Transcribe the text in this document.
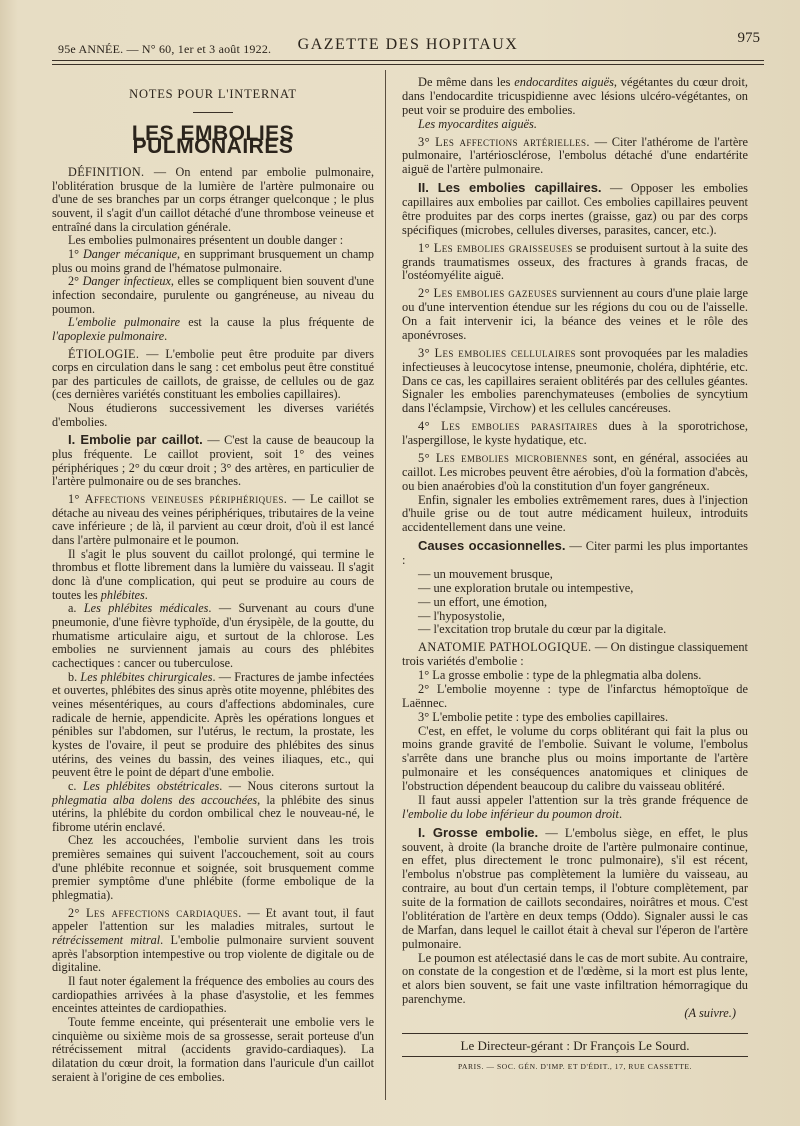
95e ANNÉE. — N° 60, 1er et 3 août 1922.	GAZETTE DES HOPITAUX	975
NOTES POUR L'INTERNAT
LES EMBOLIES PULMONAIRES

DÉFINITION. — On entend par embolie pulmonaire, l'oblitération brusque de la lumière de l'artère pulmonaire ou d'une de ses branches par un corps étranger quelconque ; le plus souvent, il s'agit d'un caillot détaché d'une thrombose veineuse et entraîné dans la circulation générale.

Les embolies pulmonaires présentent un double danger :

1° Danger mécanique, en supprimant brusquement un champ plus ou moins grand de l'hématose pulmonaire.

2° Danger infectieux, elles se compliquent bien souvent d'une infection secondaire, purulente ou gangréneuse, au niveau du poumon.

L'embolie pulmonaire est la cause la plus fréquente de l'apoplexie pulmonaire.

ÉTIOLOGIE. — L'embolie peut être produite par divers corps en circulation dans le sang : cet embolus peut être constitué par des particules de caillots, de graisse, de cellules ou de gaz (ces dernières variétés constituant les embolies capillaires).

Nous étudierons successivement les diverses variétés d'embolies.

I. Embolie par caillot. — C'est la cause de beaucoup la plus fréquente. Le caillot provient, soit 1° des veines périphériques ; 2° du cœur droit ; 3° des artères, en particulier de l'artère pulmonaire ou de ses branches.

1° Affections veineuses périphériques. — Le caillot se détache au niveau des veines périphériques, tributaires de la veine cave inférieure ; de là, il parvient au cœur droit, d'où il est lancé dans l'artère pulmonaire et le poumon.

Il s'agit le plus souvent du caillot prolongé, qui termine le thrombus et flotte librement dans la lumière du vaisseau. Il s'agit donc là d'une complication, qui peut se produire au cours de toutes les phlébites.

a. Les phlébites médicales. — Survenant au cours d'une pneumonie, d'une fièvre typhoïde, d'un érysipèle, de la goutte, du rhumatisme articulaire aigu, et surtout de la chlorose. Les embolies ne surviennent jamais au cours des phlébites cachectiques : cancer ou tuberculose.

b. Les phlébites chirurgicales. — Fractures de jambe infectées et ouvertes, phlébites des sinus après otite moyenne, phlébites des veines mésentériques, au cours d'affections abdominales, cure radicale de hernie, appendicite. Après les opérations longues et pénibles sur l'abdomen, sur l'utérus, le rectum, la prostate, les kystes de l'ovaire, il peut se produire des phlébites des sinus utérins, des veines du bassin, des veines iliaques, etc., qui peuvent être le point de départ d'une embolie.

c. Les phlébites obstétricales. — Nous citerons surtout la phlegmatia alba dolens des accouchées, la phlébite des sinus utérins, la phlébite du cordon ombilical chez le nouveau-né, le fibrome utérin enclavé.

Chez les accouchées, l'embolie survient dans les trois premières semaines qui suivent l'accouchement, soit au cours d'une phlébite reconnue et soignée, soit brusquement comme premier symptôme d'une phlébite (forme embolique de la phlegmatia).

2° Les affections cardiaques. — Et avant tout, il faut appeler l'attention sur les maladies mitrales, surtout le rétrécissement mitral. L'embolie pulmonaire survient souvent après l'absorption intempestive ou trop violente de digitale ou de digitaline.

Il faut noter également la fréquence des embolies au cours des cardiopathies arrivées à la phase d'asystolie, et les femmes enceintes atteintes de cardiopathies.

Toute femme enceinte, qui présenterait une embolie vers le cinquième ou sixième mois de sa grossesse, serait porteuse d'un rétrécissement mitral (accidents gravido-cardiaques). La dilatation du cœur droit, la formation dans l'auricule d'un caillot seraient à l'origine de ces embolies.

De même dans les endocardites aiguës, végétantes du cœur droit, dans l'endocardite tricuspidienne avec lésions ulcéro-végétantes, on peut voir se produire des embolies.

Les myocardites aiguës.

3° Les affections artérielles. — Citer l'athérome de l'artère pulmonaire, l'artériosclérose, l'embolus détaché d'une endartérite aiguë de l'artère pulmonaire.

II. Les embolies capillaires. — Opposer les embolies capillaires aux embolies par caillot. Ces embolies capillaires peuvent être produites par des corps inertes (graisse, gaz) ou par des corps spécifiques (microbes, cellules diverses, parasites, cancer, etc.).

1° Les embolies graisseuses se produisent surtout à la suite des grands traumatismes osseux, des fractures à grands fracas, de l'ostéomyélite aiguë.

2° Les embolies gazeuses surviennent au cours d'une plaie large ou d'une intervention étendue sur les régions du cou ou de l'aisselle. On a fait intervenir ici, la béance des veines et le rôle des aponévroses.

3° Les embolies cellulaires sont provoquées par les maladies infectieuses à leucocytose intense, pneumonie, choléra, diphtérie, etc. Dans ce cas, les capillaires seraient oblitérés par des cellules géantes. Signaler les embolies parenchymateuses (embolies de syncytium dans l'éclampsie, Virchow) et les cellules cancéreuses.

4° Les embolies parasitaires dues à la sporotrichose, l'aspergillose, le kyste hydatique, etc.

5° Les embolies microbiennes sont, en général, associées au caillot. Les microbes peuvent être aérobies, d'où la formation d'abcès, ou bien anaérobies d'où la constitution d'un foyer gangréneux.

Enfin, signaler les embolies extrêmement rares, dues à l'injection d'huile grise ou de tout autre médicament huileux, introduits accidentellement dans une veine.

Causes occasionnelles. — Citer parmi les plus importantes :

— un mouvement brusque,

— une exploration brutale ou intempestive,

— un effort, une émotion,

— l'hyposystolie,

— l'excitation trop brutale du cœur par la digitale.

ANATOMIE PATHOLOGIQUE. — On distingue classiquement trois variétés d'embolie :

1° La grosse embolie : type de la phlegmatia alba dolens.

2° L'embolie moyenne : type de l'infarctus hémoptoïque de Laënnec.

3° L'embolie petite : type des embolies capillaires.

C'est, en effet, le volume du corps oblitérant qui fait la plus ou moins grande gravité de l'embolie. Suivant le volume, l'embolus s'arrête dans une branche plus ou moins importante de l'artère pulmonaire et les conséquences anatomiques et cliniques de l'obstruction dépendent beaucoup du calibre du vaisseau oblitéré.

Il faut aussi appeler l'attention sur la très grande fréquence de l'embolie du lobe inférieur du poumon droit.

I. Grosse embolie. — L'embolus siège, en effet, le plus souvent, à droite (la branche droite de l'artère pulmonaire continue, en effet, plus directement le tronc pulmonaire), s'il est récent, l'embolus n'obstrue pas complètement la lumière du vaisseau, au contraire, au bout d'un certain temps, il l'obture complètement, par suite de la formation de caillots secondaires, noirâtres et mous. C'est l'oblitération de l'artère en deux temps (Oddo). Signaler aussi le cas de Marfan, dans lequel le caillot était à cheval sur l'éperon de l'artère pulmonaire.

Le poumon est atélectasié dans le cas de mort subite. Au contraire, on constate de la congestion et de l'œdème, si la mort est plus lente, et alors bien souvent, se fait une vaste infiltration hémorragique du parenchyme.

(A suivre.)

Le Directeur-gérant : Dr François Le Sourd.
PARIS. — SOC. GÉN. D'IMP. ET D'ÉDIT., 17, RUE CASSETTE.
